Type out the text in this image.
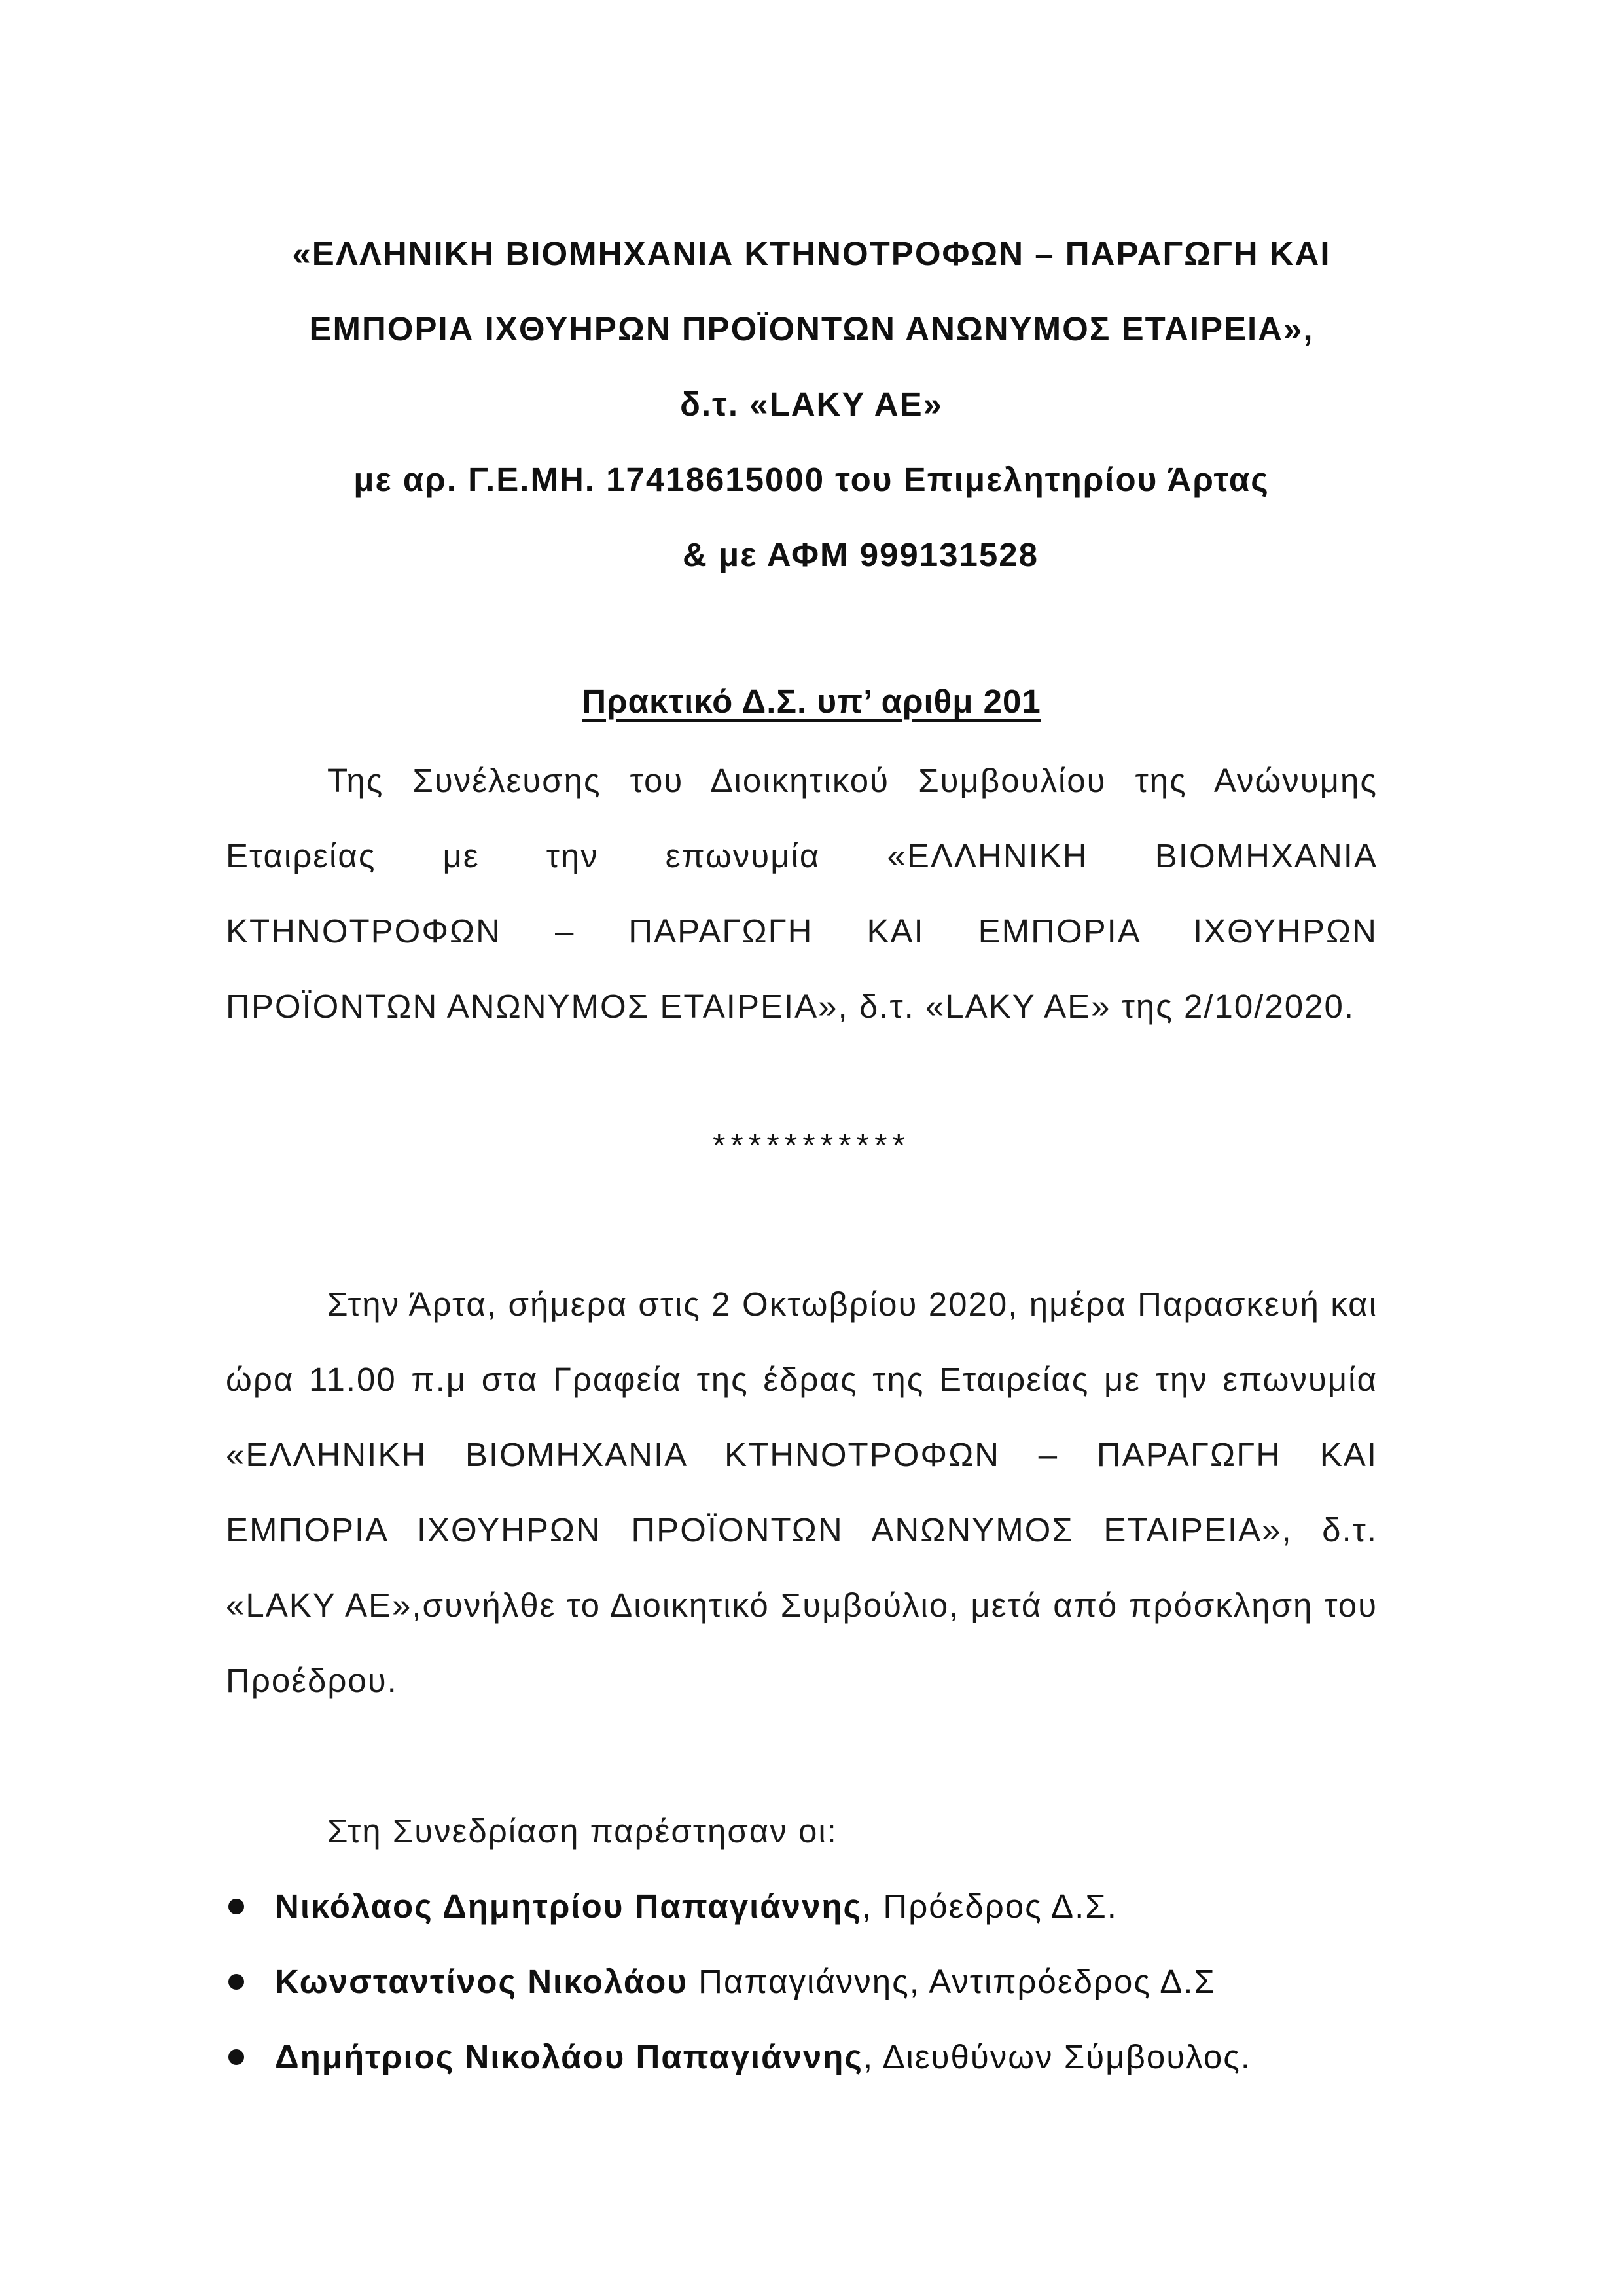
«ΕΛΛΗΝΙΚΗ ΒΙΟΜΗΧΑΝΙΑ ΚΤΗΝΟΤΡΟΦΩΝ – ΠΑΡΑΓΩΓΗ ΚΑΙ
ΕΜΠΟΡΙΑ ΙΧΘΥΗΡΩΝ ΠΡΟΪΟΝΤΩΝ ΑΝΩΝΥΜΟΣ ΕΤΑΙΡΕΙΑ»,
δ.τ. «LAKY AE»
με αρ. Γ.Ε.ΜΗ. 17418615000 του Επιμελητηρίου Άρτας
& με ΑΦΜ 999131528
Πρακτικό Δ.Σ. υπ’ αριθμ 201

Της Συνέλευσης του Διοικητικού Συμβουλίου της Ανώνυμης Εταιρείας με την επωνυμία «ΕΛΛΗΝΙΚΗ ΒΙΟΜΗΧΑΝΙΑ ΚΤΗΝΟΤΡΟΦΩΝ – ΠΑΡΑΓΩΓΗ ΚΑΙ ΕΜΠΟΡΙΑ ΙΧΘΥΗΡΩΝ ΠΡΟΪΟΝΤΩΝ ΑΝΩΝΥΜΟΣ ΕΤΑΙΡΕΙΑ», δ.τ. «LAKY AE» της 2/10/2020.

***********

Στην Άρτα, σήμερα στις 2 Οκτωβρίου 2020, ημέρα Παρασκευή και ώρα 11.00 π.μ στα Γραφεία της έδρας της Εταιρείας με την επωνυμία «ΕΛΛΗΝΙΚΗ ΒΙΟΜΗΧΑΝΙΑ ΚΤΗΝΟΤΡΟΦΩΝ – ΠΑΡΑΓΩΓΗ ΚΑΙ ΕΜΠΟΡΙΑ ΙΧΘΥΗΡΩΝ ΠΡΟΪΟΝΤΩΝ ΑΝΩΝΥΜΟΣ ΕΤΑΙΡΕΙΑ», δ.τ. «LAKY AE»,συνήλθε το Διοικητικό Συμβούλιο, μετά από πρόσκληση του Προέδρου.

Στη Συνεδρίαση παρέστησαν οι:

Νικόλαος Δημητρίου Παπαγιάννης, Πρόεδρος Δ.Σ.
Κωνσταντίνος Νικολάου Παπαγιάννης, Αντιπρόεδρος Δ.Σ
Δημήτριος Νικολάου Παπαγιάννης, Διευθύνων Σύμβουλος.
